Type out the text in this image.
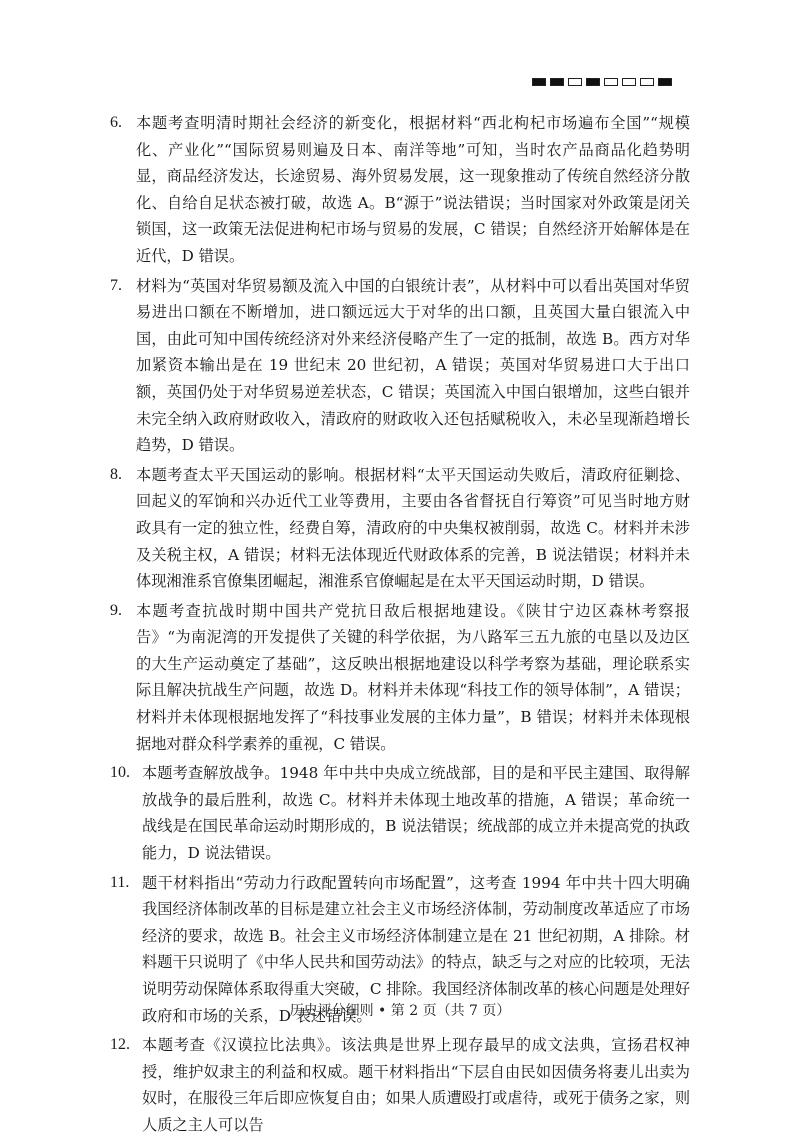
6. 本题考查明清时期社会经济的新变化，根据材料“西北枸杞市场遍布全国”“规模化、产业化”“国际贸易则遍及日本、南洋等地”可知，当时农产品商品化趋势明显，商品经济发达，长途贸易、海外贸易发展，这一现象推动了传统自然经济分散化、自给自足状态被打破，故选 A。B“源于”说法错误；当时国家对外政策是闭关锁国，这一政策无法促进枸杞市场与贸易的发展，C 错误；自然经济开始解体是在近代，D 错误。
7. 材料为“英国对华贸易额及流入中国的白银统计表”，从材料中可以看出英国对华贸易进出口额在不断增加，进口额远远大于对华的出口额，且英国大量白银流入中国，由此可知中国传统经济对外来经济侵略产生了一定的抵制，故选 B。西方对华加紧资本输出是在 19 世纪末 20 世纪初，A 错误；英国对华贸易进口大于出口额，英国仍处于对华贸易逆差状态，C 错误；英国流入中国白银增加，这些白银并未完全纳入政府财政收入，清政府的财政收入还包括赋税收入，未必呈现渐趋增长趋势，D 错误。
8. 本题考查太平天国运动的影响。根据材料“太平天国运动失败后，清政府征剿捻、回起义的军饷和兴办近代工业等费用，主要由各省督抚自行筹资”可见当时地方财政具有一定的独立性，经费自筹，清政府的中央集权被削弱，故选 C。材料并未涉及关税主权，A 错误；材料无法体现近代财政体系的完善，B 说法错误；材料并未体现湘淮系官僚集团崛起，湘淮系官僚崛起是在太平天国运动时期，D 错误。
9. 本题考查抗战时期中国共产党抗日敌后根据地建设。《陕甘宁边区森林考察报告》“为南泥湾的开发提供了关键的科学依据，为八路军三五九旅的屯垦以及边区的大生产运动奠定了基础”，这反映出根据地建设以科学考察为基础，理论联系实际且解决抗战生产问题，故选 D。材料并未体现“科技工作的领导体制”，A 错误；材料并未体现根据地发挥了“科技事业发展的主体力量”，B 错误；材料并未体现根据地对群众科学素养的重视，C 错误。
10. 本题考查解放战争。1948 年中共中央成立统战部，目的是和平民主建国、取得解放战争的最后胜利，故选 C。材料并未体现土地改革的措施，A 错误；革命统一战线是在国民革命运动时期形成的，B 说法错误；统战部的成立并未提高党的执政能力，D 说法错误。
11. 题干材料指出“劳动力行政配置转向市场配置”，这考查 1994 年中共十四大明确我国经济体制改革的目标是建立社会主义市场经济体制，劳动制度改革适应了市场经济的要求，故选 B。社会主义市场经济体制建立是在 21 世纪初期，A 排除。材料题干只说明了《中华人民共和国劳动法》的特点，缺乏与之对应的比较项，无法说明劳动保障体系取得重大突破，C 排除。我国经济体制改革的核心问题是处理好政府和市场的关系，D 表述错误。
12. 本题考查《汉谟拉比法典》。该法典是世界上现存最早的成文法典，宣扬君权神授，维护奴隶主的利益和权威。题干材料指出“下层自由民如因债务将妻儿出卖为奴时，在服役三年后即应恢复自由；如果人质遭殴打或虐待，或死于债务之家，则人质之主人可以告
历史评分细则 • 第 2 页（共 7 页）
